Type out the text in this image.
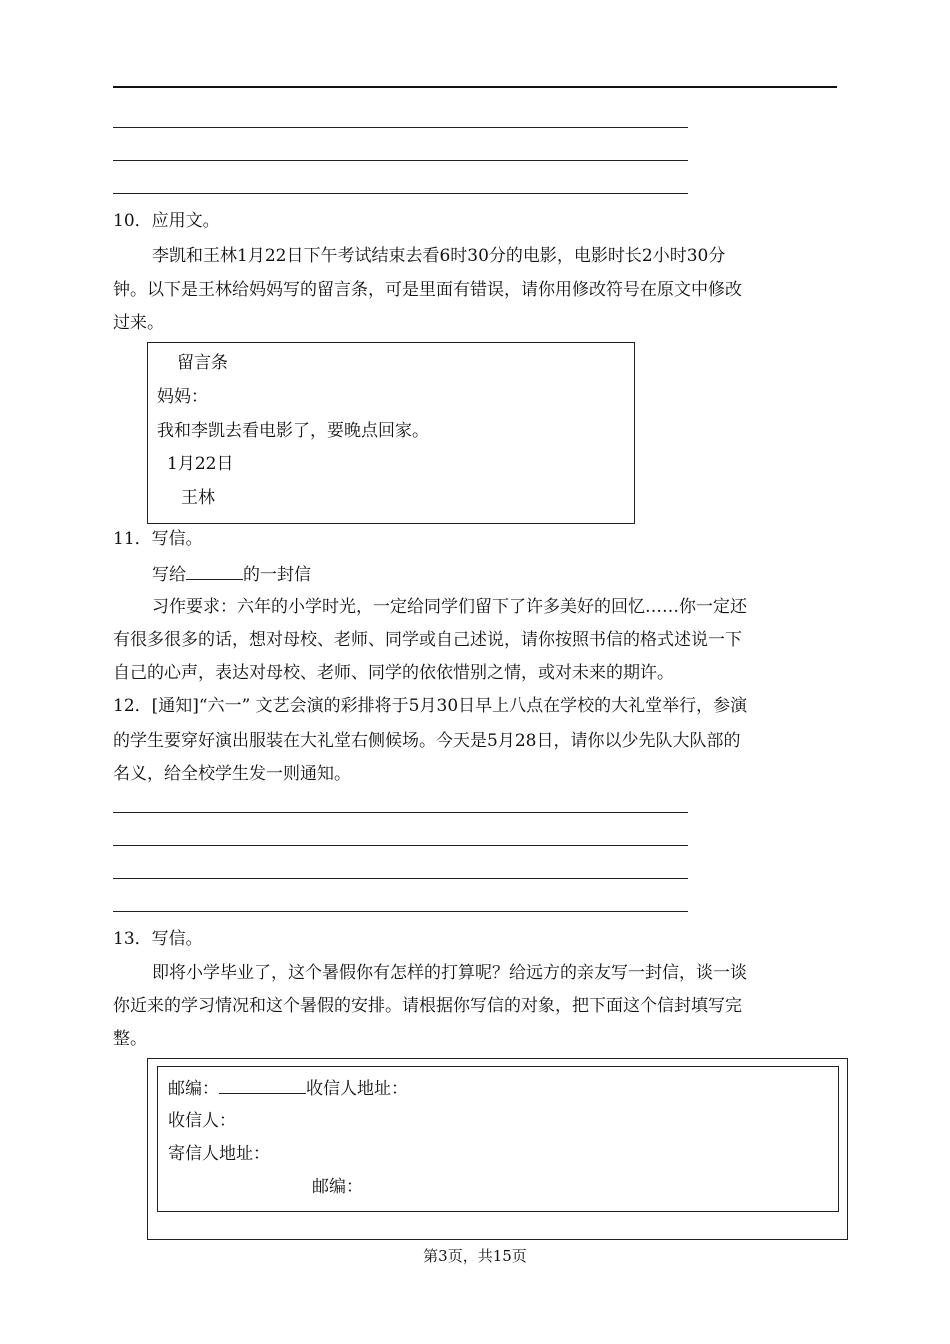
10．应用文。
李凯和王林1月22日下午考试结束去看6时30分的电影，电影时长2小时30分
钟。以下是王林给妈妈写的留言条，可是里面有错误，请你用修改符号在原文中修改
过来。
留言条
妈妈：
我和李凯去看电影了，要晚点回家。
1月22日
王林
11．写信。
写给	的一封信
习作要求：六年的小学时光，一定给同学们留下了许多美好的回忆……你一定还
有很多很多的话，想对母校、老师、同学或自己述说，请你按照书信的格式述说一下
自己的心声，表达对母校、老师、同学的依依惜别之情，或对未来的期许。
12．[通知]“六一” 文艺会演的彩排将于5月30日早上八点在学校的大礼堂举行，参演
的学生要穿好演出服装在大礼堂右侧候场。今天是5月28日，请你以少先队大队部的
名义，给全校学生发一则通知。
13．写信。
即将小学毕业了，这个暑假你有怎样的打算呢？给远方的亲友写一封信，谈一谈
你近来的学习情况和这个暑假的安排。请根据你写信的对象，把下面这个信封填写完
整。
邮编：	收信人地址：
收信人：
寄信人地址：
邮编：
第3页，共15页
